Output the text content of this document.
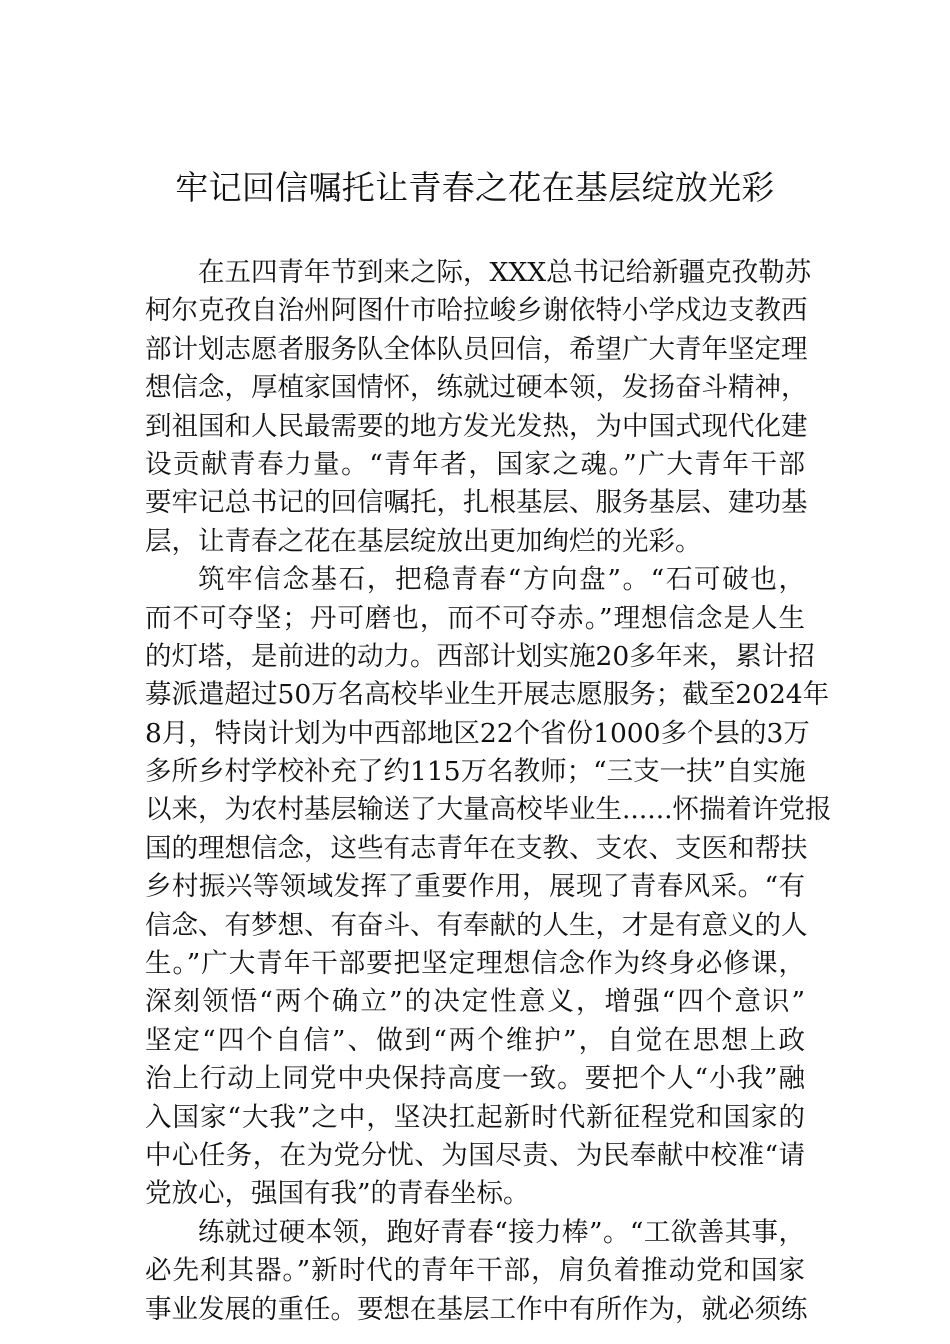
牢记回信嘱托让青春之花在基层绽放光彩
在五四青年节到来之际，XXX总书记给新疆克孜勒苏
柯尔克孜自治州阿图什市哈拉峻乡谢依特小学戍边支教西
部计划志愿者服务队全体队员回信，希望广大青年坚定理
想信念，厚植家国情怀，练就过硬本领，发扬奋斗精神，
到祖国和人民最需要的地方发光发热，为中国式现代化建
设贡献青春力量。“青年者，国家之魂。”广大青年干部
要牢记总书记的回信嘱托，扎根基层、服务基层、建功基
层，让青春之花在基层绽放出更加绚烂的光彩。
筑牢信念基石，把稳青春“方向盘”。“石可破也，
而不可夺坚；丹可磨也，而不可夺赤。”理想信念是人生
的灯塔，是前进的动力。西部计划实施20多年来，累计招
募派遣超过50万名高校毕业生开展志愿服务；截至2024年
8月，特岗计划为中西部地区22个省份1000多个县的3万
多所乡村学校补充了约115万名教师；“三支一扶”自实施
以来，为农村基层输送了大量高校毕业生......怀揣着许党报
国的理想信念，这些有志青年在支教、支农、支医和帮扶
乡村振兴等领域发挥了重要作用，展现了青春风采。“有
信念、有梦想、有奋斗、有奉献的人生，才是有意义的人
生。”广大青年干部要把坚定理想信念作为终身必修课，
深刻领悟“两个确立”的决定性意义，增强“四个意识”
坚定“四个自信”、做到“两个维护”，自觉在思想上政
治上行动上同党中央保持高度一致。要把个人“小我”融
入国家“大我”之中，坚决扛起新时代新征程党和国家的
中心任务，在为党分忧、为国尽责、为民奉献中校准“请
党放心，强国有我”的青春坐标。
练就过硬本领，跑好青春“接力棒”。“工欲善其事，
必先利其器。”新时代的青年干部，肩负着推动党和国家
事业发展的重任。要想在基层工作中有所作为，就必须练
